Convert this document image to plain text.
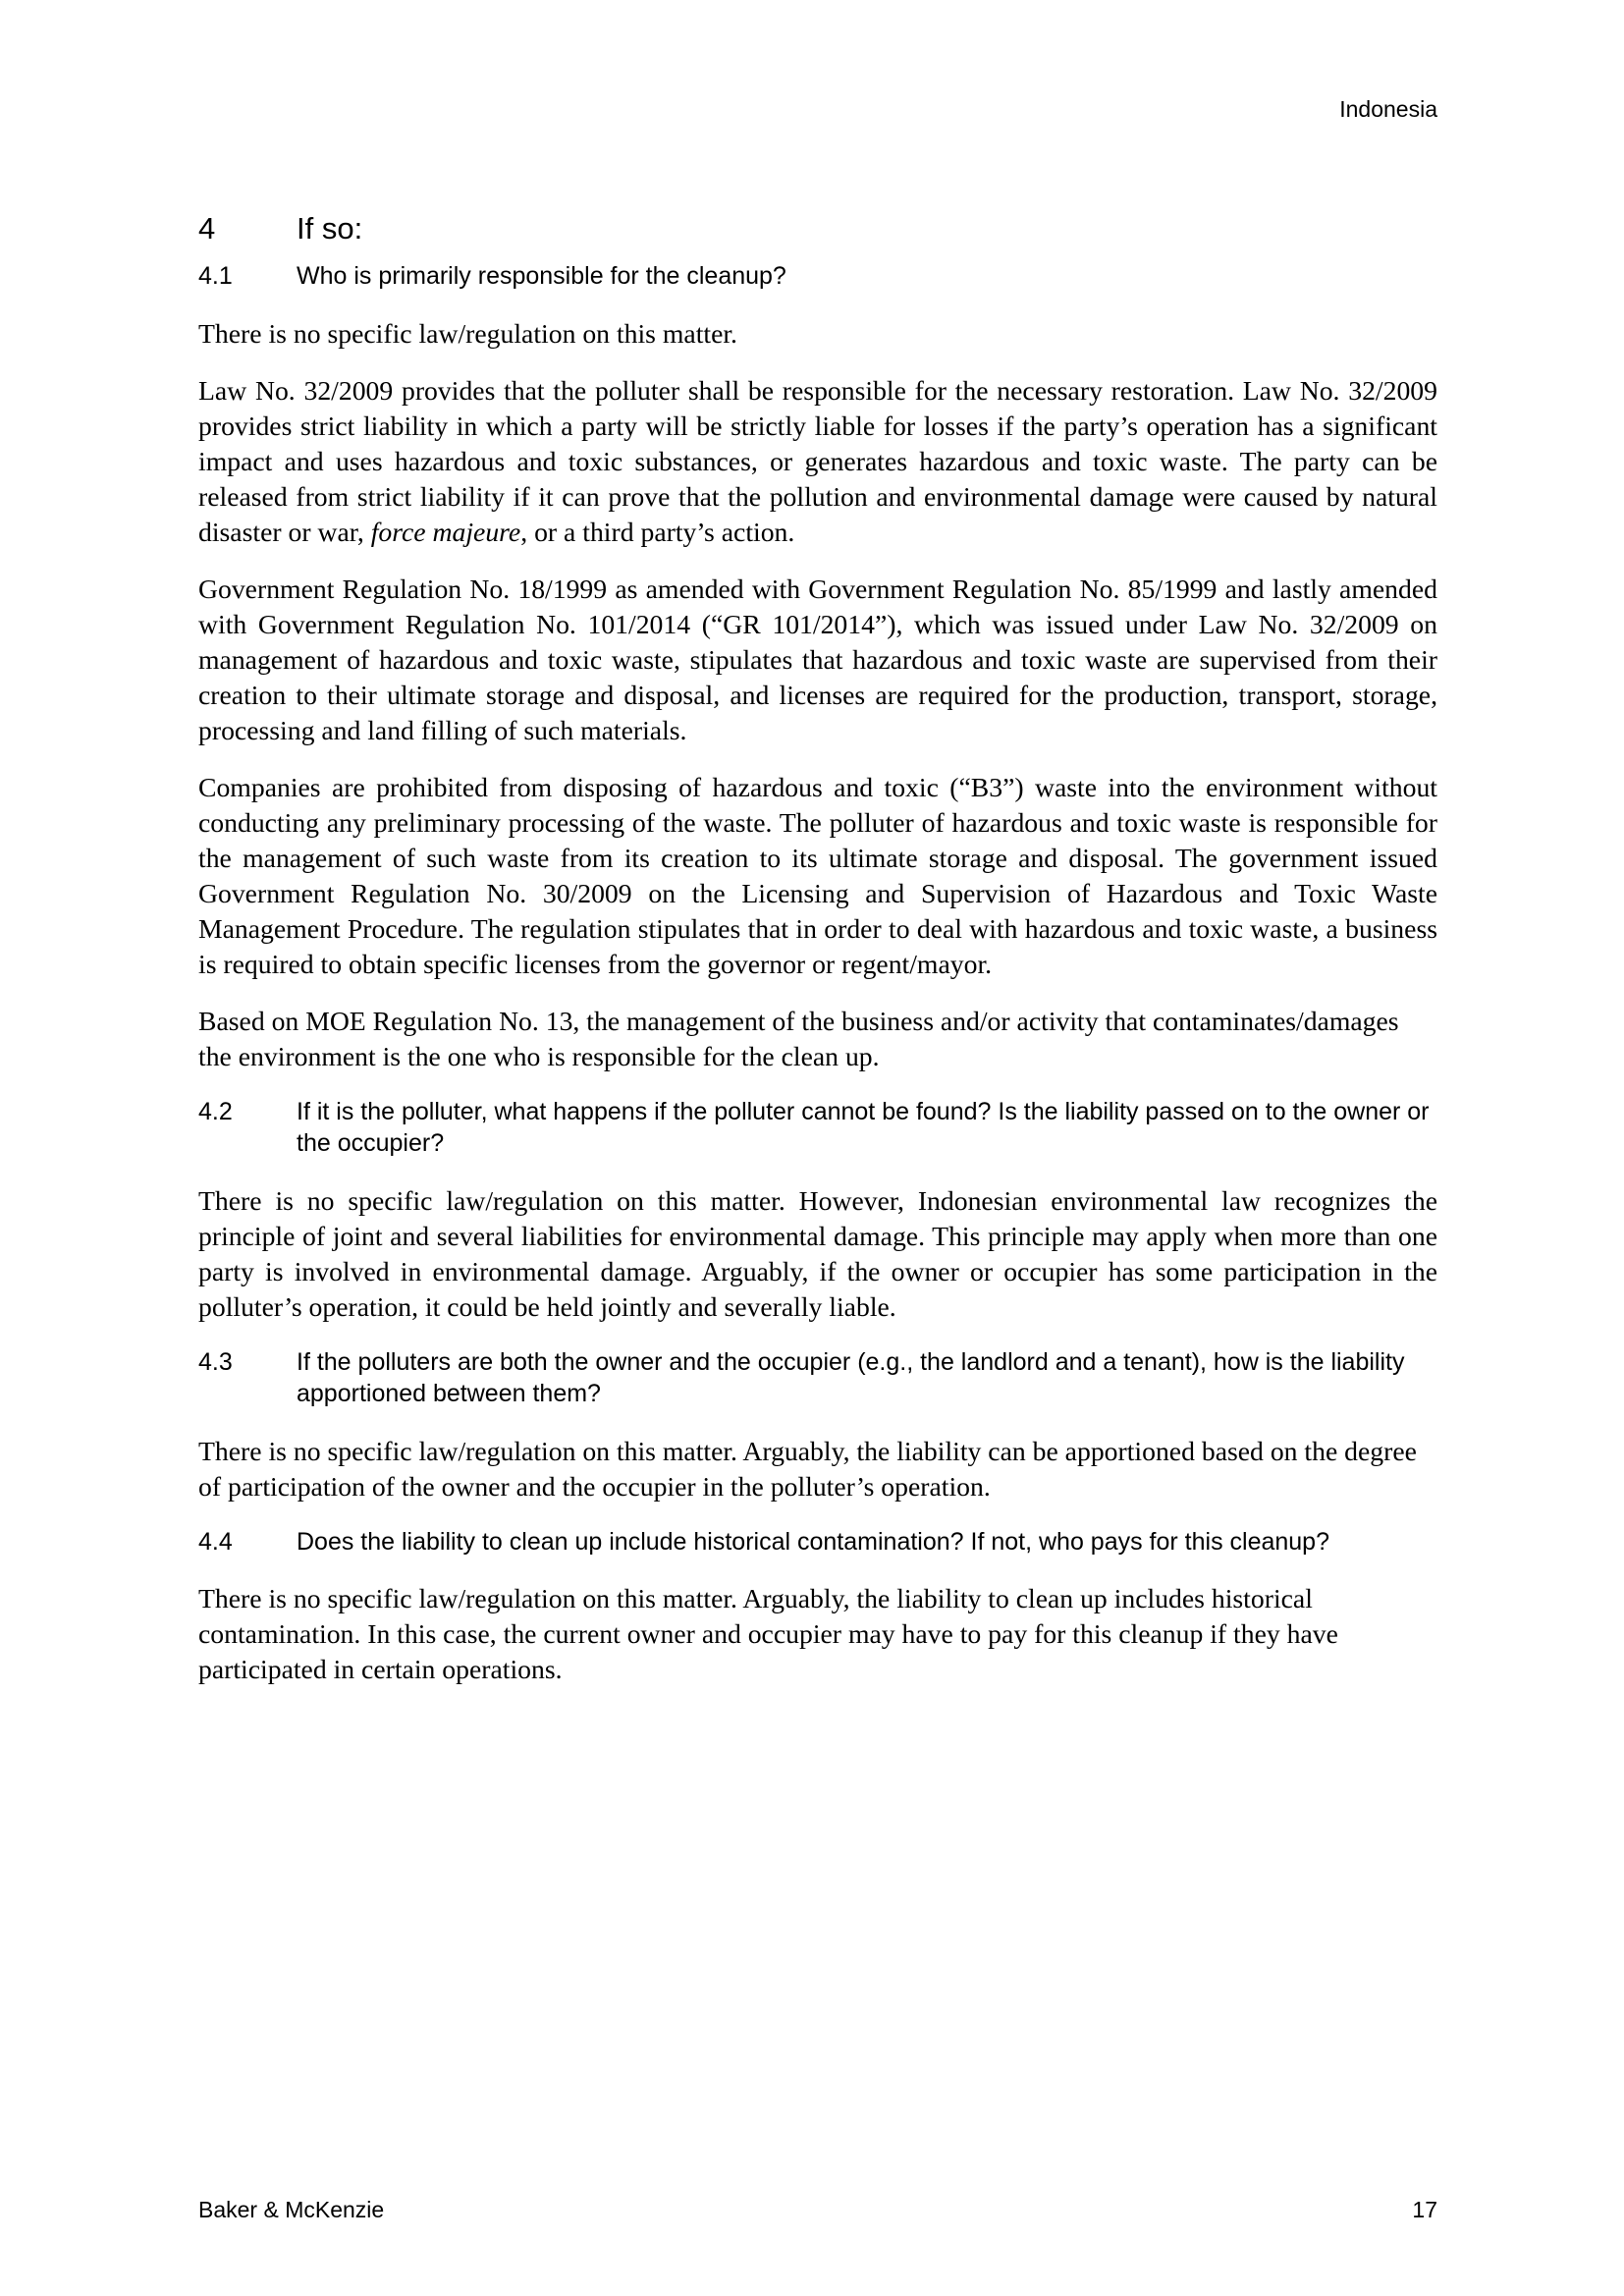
Indonesia
4	If so:
4.1	Who is primarily responsible for the cleanup?

There is no specific law/regulation on this matter.

Law No. 32/2009 provides that the polluter shall be responsible for the necessary restoration. Law No. 32/2009 provides strict liability in which a party will be strictly liable for losses if the party’s operation has a significant impact and uses hazardous and toxic substances, or generates hazardous and toxic waste. The party can be released from strict liability if it can prove that the pollution and environmental damage were caused by natural disaster or war, force majeure, or a third party’s action.

Government Regulation No. 18/1999 as amended with Government Regulation No. 85/1999 and lastly amended with Government Regulation No. 101/2014 (“GR 101/2014”), which was issued under Law No. 32/2009 on management of hazardous and toxic waste, stipulates that hazardous and toxic waste are supervised from their creation to their ultimate storage and disposal, and licenses are required for the production, transport, storage, processing and land filling of such materials.

Companies are prohibited from disposing of hazardous and toxic (“B3”) waste into the environment without conducting any preliminary processing of the waste. The polluter of hazardous and toxic waste is responsible for the management of such waste from its creation to its ultimate storage and disposal. The government issued Government Regulation No. 30/2009 on the Licensing and Supervision of Hazardous and Toxic Waste Management Procedure. The regulation stipulates that in order to deal with hazardous and toxic waste, a business is required to obtain specific licenses from the governor or regent/mayor.

Based on MOE Regulation No. 13, the management of the business and/or activity that contaminates/damages the environment is the one who is responsible for the clean up.

4.2	If it is the polluter, what happens if the polluter cannot be found? Is the liability passed on to the owner or the occupier?

There is no specific law/regulation on this matter. However, Indonesian environmental law recognizes the principle of joint and several liabilities for environmental damage. This principle may apply when more than one party is involved in environmental damage. Arguably, if the owner or occupier has some participation in the polluter’s operation, it could be held jointly and severally liable.

4.3	If the polluters are both the owner and the occupier (e.g., the landlord and a tenant), how is the liability apportioned between them?

There is no specific law/regulation on this matter. Arguably, the liability can be apportioned based on the degree of participation of the owner and the occupier in the polluter’s operation.

4.4	Does the liability to clean up include historical contamination? If not, who pays for this cleanup?

There is no specific law/regulation on this matter. Arguably, the liability to clean up includes historical contamination. In this case, the current owner and occupier may have to pay for this cleanup if they have participated in certain operations.

Baker & McKenzie	17
